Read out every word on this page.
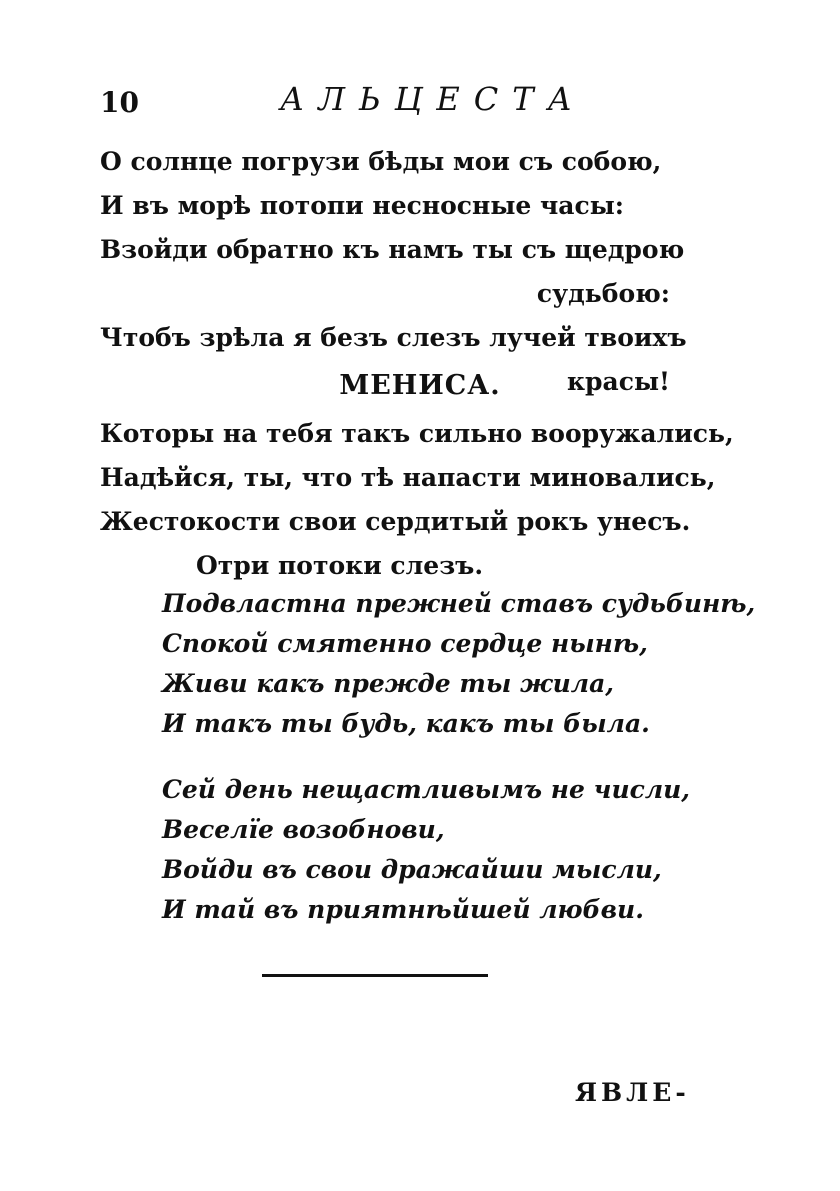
10	АЛЬЦЕСТА
О солнце погрузи бѣды мои съ собою,
И въ морѣ потопи несносные часы:
Взойди обратно къ намъ ты съ щедрою
судьбою:
Чтобъ зрѣла я безъ слезъ лучей твоихъ
красы!
МЕНИСА.
Которы на тебя такъ сильно вооружались,
Надѣйся, ты, что тѣ напасти миновались,
Жестокости свои сердитый рокъ унесъ.
Отри потоки слезъ.
Подвластна прежней ставъ судьбинѣ,
Спокой смятенно сердце нынѣ,
Живи какъ прежде ты жила,
И такъ ты будь, какъ ты была.
Сей день нещастливымъ не числи,
Веселïе возобнови,
Войди въ свои дражайши мысли,
И тай въ приятнѣйшей любви.
ЯВЛЕ-
